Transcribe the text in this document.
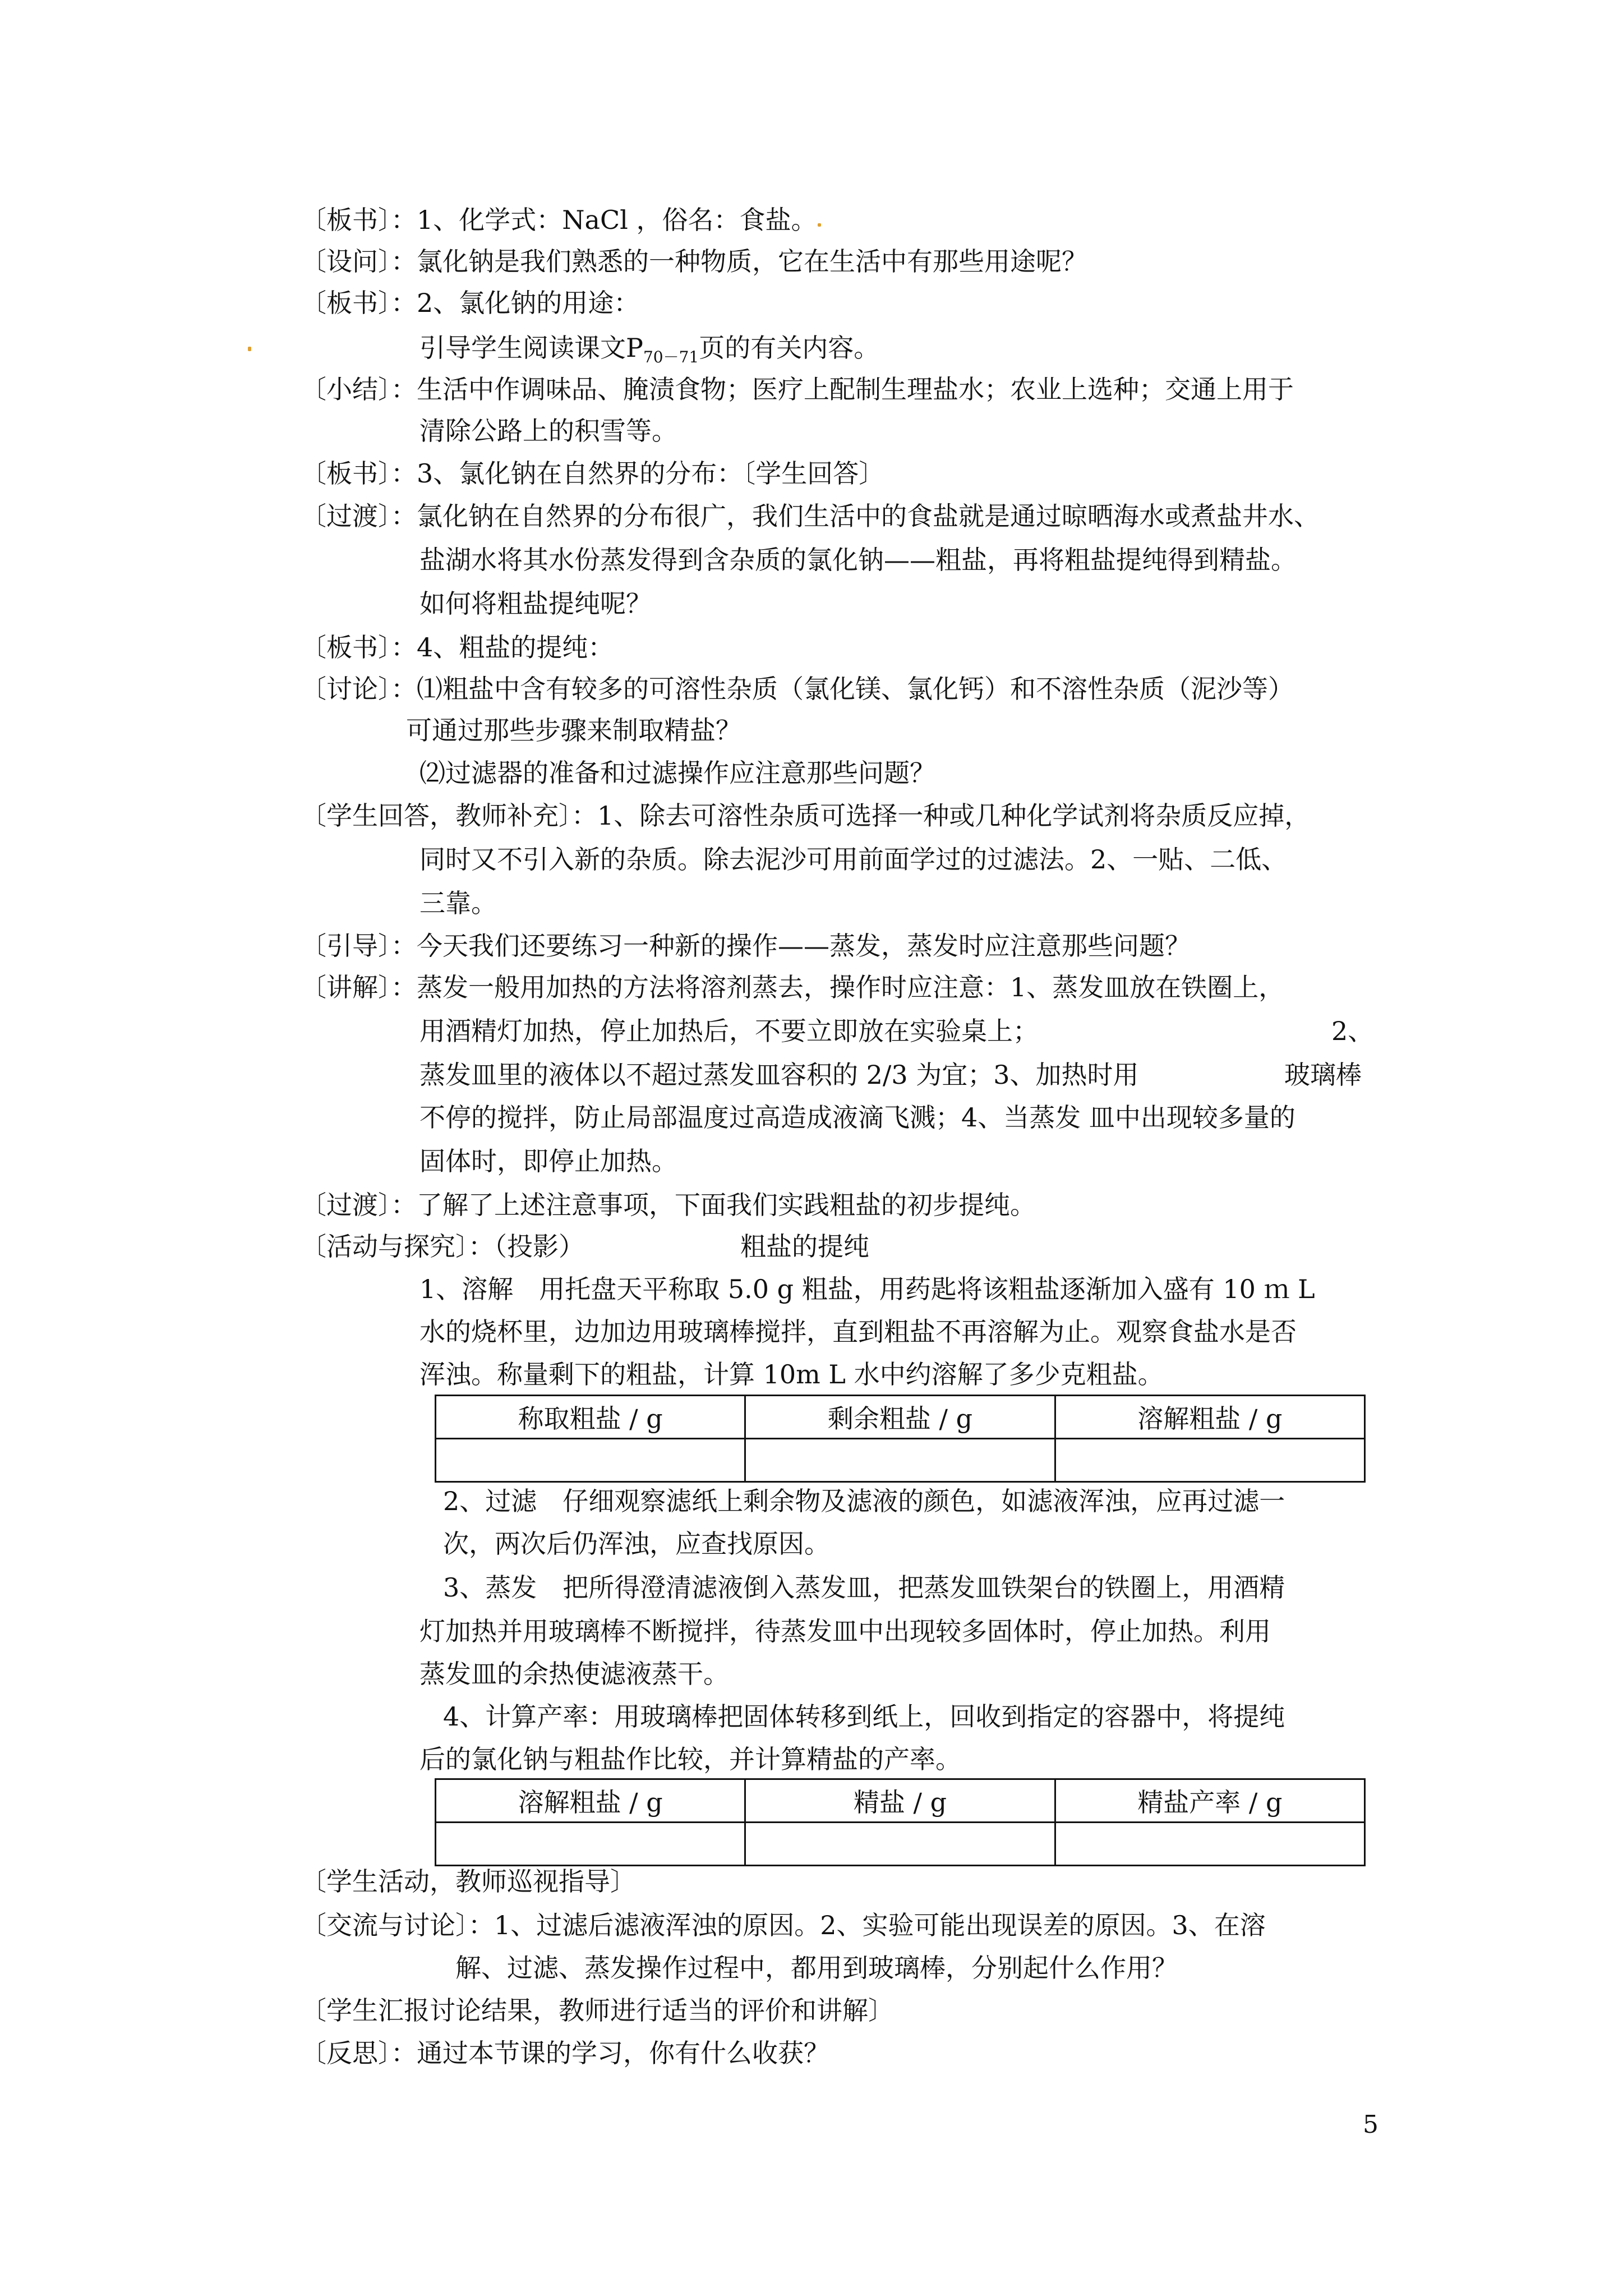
〔板书〕：1、化学式：NaCl ，俗名：食盐。
〔设问〕：氯化钠是我们熟悉的一种物质，它在生活中有那些用途呢？
〔板书〕：2、氯化钠的用途：
引导学生阅读课文$P_{70-71}$页的有关内容。
〔小结〕：生活中作调味品、腌渍食物；医疗上配制生理盐水；农业上选种；交通上用于
清除公路上的积雪等。
〔板书〕：3、氯化钠在自然界的分布：〔学生回答〕
〔过渡〕：氯化钠在自然界的分布很广，我们生活中的食盐就是通过晾晒海水或煮盐井水、
盐湖水将其水份蒸发得到含杂质的氯化钠——粗盐，再将粗盐提纯得到精盐。
如何将粗盐提纯呢？
〔板书〕：4、粗盐的提纯：
〔讨论〕：⑴粗盐中含有较多的可溶性杂质（氯化镁、氯化钙）和不溶性杂质（泥沙等）
可通过那些步骤来制取精盐？
⑵过滤器的准备和过滤操作应注意那些问题？
〔学生回答，教师补充〕：1、除去可溶性杂质可选择一种或几种化学试剂将杂质反应掉，
同时又不引入新的杂质。除去泥沙可用前面学过的过滤法。2、一贴、二低、
三靠。
〔引导〕：今天我们还要练习一种新的操作——蒸发，蒸发时应注意那些问题？
〔讲解〕：蒸发一般用加热的方法将溶剂蒸去，操作时应注意：1、蒸发皿放在铁圈上，
用酒精灯加热，停止加热后，不要立即放在实验桌上；	2、
蒸发皿里的液体以不超过蒸发皿容积的 2/3 为宜；3、加热时用	玻璃棒
不停的搅拌，防止局部温度过高造成液滴飞溅；4、当蒸发 皿中出现较多量的
固体时，即停止加热。
〔过渡〕：了解了上述注意事项，下面我们实践粗盐的初步提纯。
〔活动与探究〕：（投影）	粗盐的提纯
1、溶解　用托盘天平称取 5.0 g 粗盐，用药匙将该粗盐逐渐加入盛有 10 ｍ L
水的烧杯里，边加边用玻璃棒搅拌，直到粗盐不再溶解为止。观察食盐水是否
浑浊。称量剩下的粗盐，计算 10m L 水中约溶解了多少克粗盐。
称取粗盐 / g	剩余粗盐 / g	溶解粗盐 / g

2、过滤　仔细观察滤纸上剩余物及滤液的颜色，如滤液浑浊，应再过滤一
次，两次后仍浑浊，应查找原因。
3、蒸发　把所得澄清滤液倒入蒸发皿，把蒸发皿铁架台的铁圈上，用酒精
灯加热并用玻璃棒不断搅拌，待蒸发皿中出现较多固体时，停止加热。利用
蒸发皿的余热使滤液蒸干。
4、计算产率：用玻璃棒把固体转移到纸上，回收到指定的容器中，将提纯
后的氯化钠与粗盐作比较，并计算精盐的产率。
溶解粗盐 / g	精盐 / g	精盐产率 / g

〔学生活动，教师巡视指导〕
〔交流与讨论〕：1、过滤后滤液浑浊的原因。2、实验可能出现误差的原因。3、在溶
解、过滤、蒸发操作过程中，都用到玻璃棒，分别起什么作用？
〔学生汇报讨论结果，教师进行适当的评价和讲解〕
〔反思〕：通过本节课的学习，你有什么收获？
5
